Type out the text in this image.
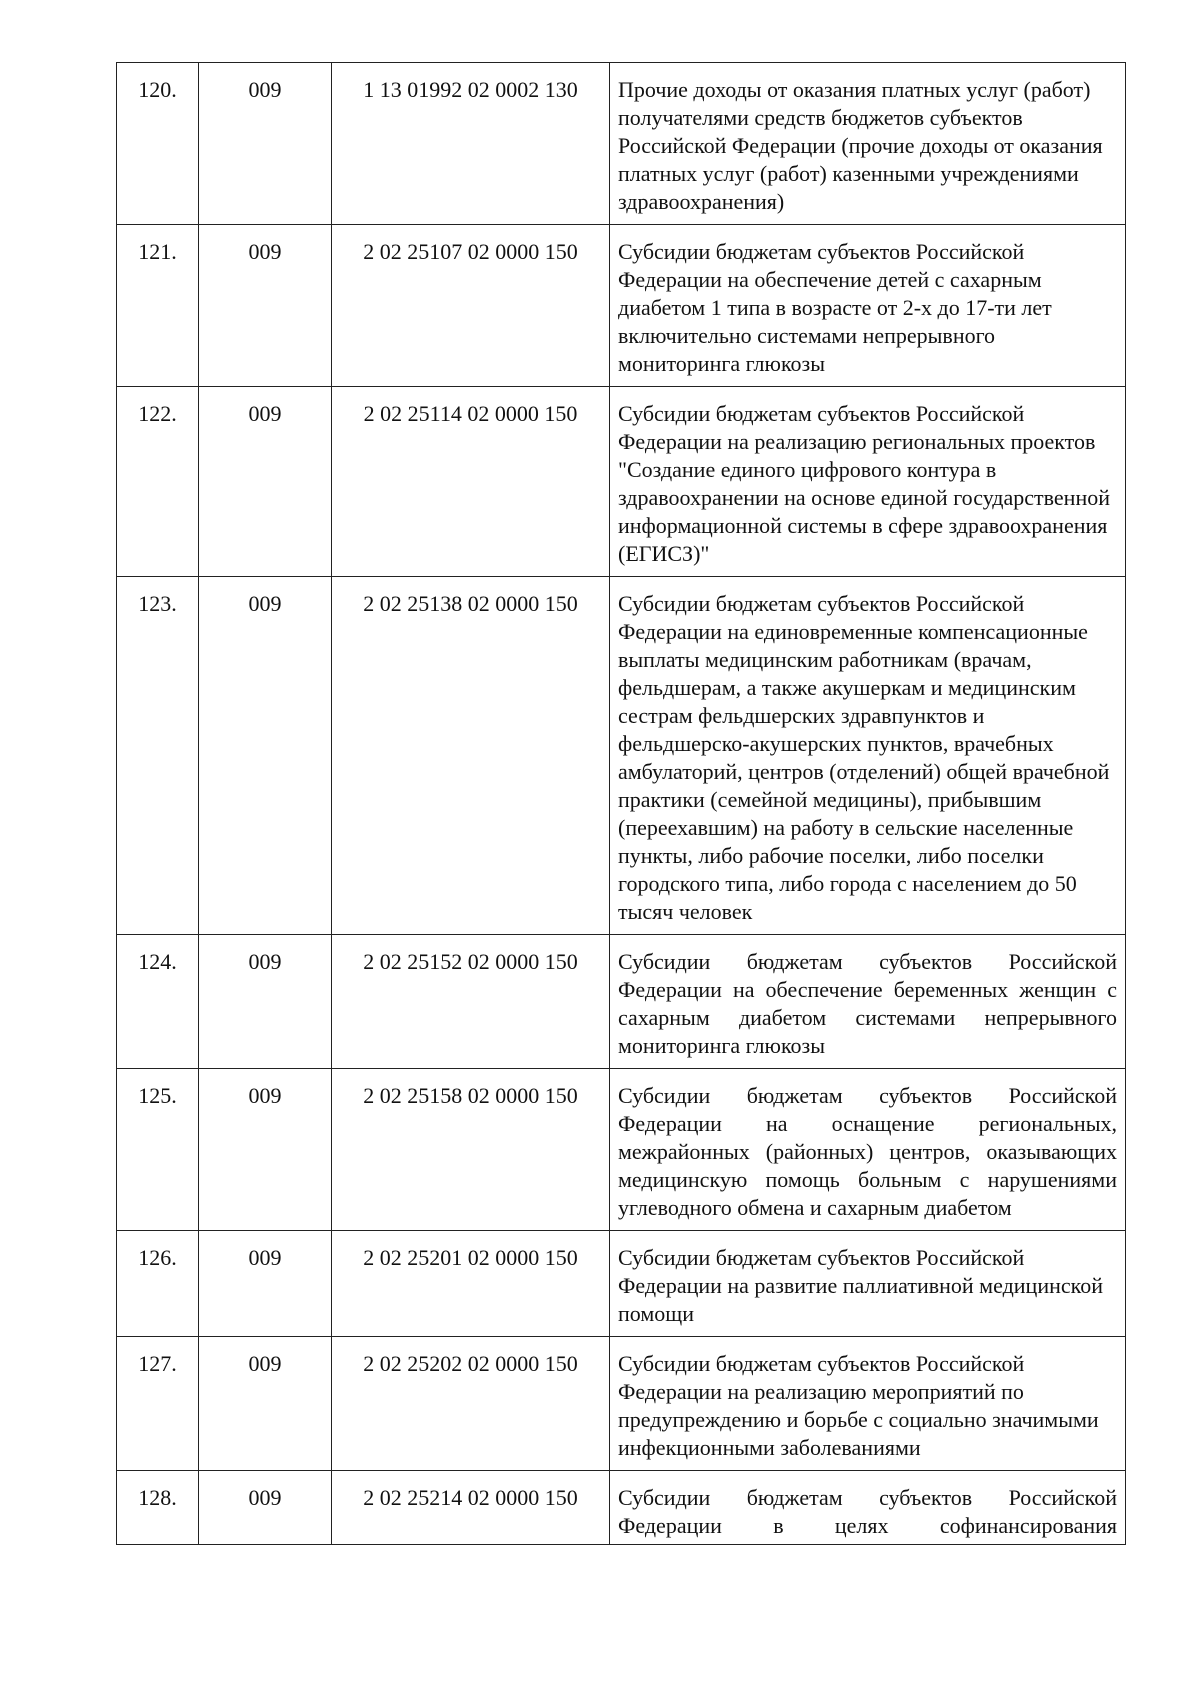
120.	009	1 13 01992 02 0002 130	Прочие доходы от оказания платных услуг (работ) получателями средств бюджетов субъектов Российской Федерации (прочие доходы от оказания платных услуг (работ) казенными учреждениями здравоохранения)
121.	009	2 02 25107 02 0000 150	Субсидии бюджетам субъектов Российской Федерации на обеспечение детей с сахарным диабетом 1 типа в возрасте от 2-х до 17-ти лет включительно системами непрерывного мониторинга глюкозы
122.	009	2 02 25114 02 0000 150	Субсидии бюджетам субъектов Российской Федерации на реализацию региональных проектов "Создание единого цифрового контура в здравоохранении на основе единой государственной информационной системы в сфере здравоохранения (ЕГИСЗ)"
123.	009	2 02 25138 02 0000 150	Субсидии бюджетам субъектов Российской Федерации на единовременные компенсационные выплаты медицинским работникам (врачам, фельдшерам, а также акушеркам и медицинским сестрам фельдшерских здравпунктов и фельдшерско-акушерских пунктов, врачебных амбулаторий, центров (отделений) общей врачебной практики (семейной медицины), прибывшим (переехавшим) на работу в сельские населенные пункты, либо рабочие поселки, либо поселки городского типа, либо города с населением до 50 тысяч человек
124.	009	2 02 25152 02 0000 150	Субсидии бюджетам субъектов Российской Федерации на обеспечение беременных женщин с сахарным диабетом системами непрерывного мониторинга глюкозы
125.	009	2 02 25158 02 0000 150	Субсидии бюджетам субъектов Российской Федерации на оснащение региональных, межрайонных (районных) центров, оказывающих медицинскую помощь больным с нарушениями углеводного обмена и сахарным диабетом
126.	009	2 02 25201 02 0000 150	Субсидии бюджетам субъектов Российской Федерации на развитие паллиативной медицинской помощи
127.	009	2 02 25202 02 0000 150	Субсидии бюджетам субъектов Российской Федерации на реализацию мероприятий по предупреждению и борьбе с социально значимыми инфекционными заболеваниями
128.	009	2 02 25214 02 0000 150	Субсидии бюджетам субъектов Российской Федерации в целях софинансирования
